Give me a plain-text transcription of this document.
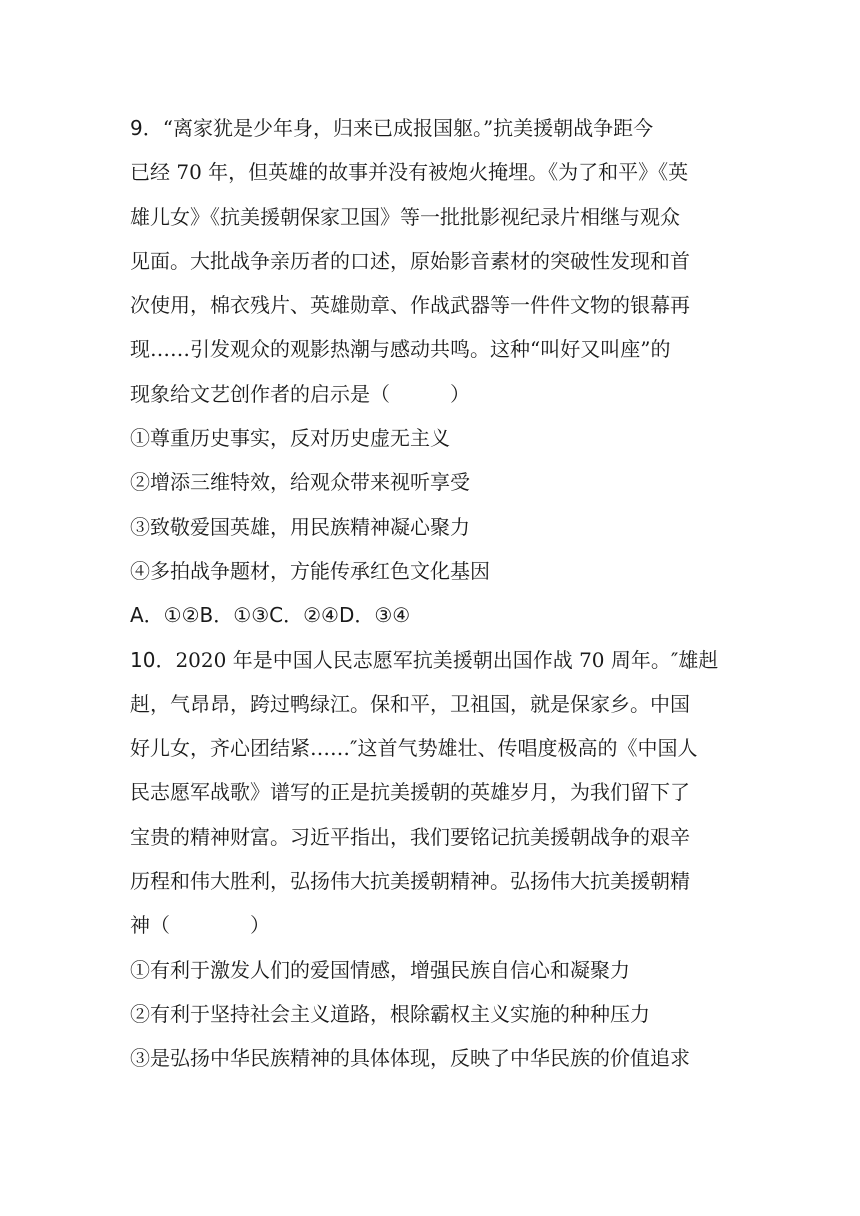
9．“离家犹是少年身，归来已成报国躯。”抗美援朝战争距今
已经 70 年，但英雄的故事并没有被炮火掩埋。《为了和平》《英
雄儿女》《抗美援朝保家卫国》等一批批影视纪录片相继与观众
见面。大批战争亲历者的口述，原始影音素材的突破性发现和首
次使用，棉衣残片、英雄勋章、作战武器等一件件文物的银幕再
现……引发观众的观影热潮与感动共鸣。这种“叫好又叫座”的
现象给文艺创作者的启示是（　　　）
①尊重历史事实，反对历史虚无主义
②增添三维特效，给观众带来视听享受
③致敬爱国英雄，用民族精神凝心聚力
④多拍战争题材，方能传承红色文化基因
A．①②B．①③C．②④D．③④
10．2020 年是中国人民志愿军抗美援朝出国作战 70 周年。″雄赳
赳，气昂昂，跨过鸭绿江。保和平，卫祖国，就是保家乡。中国
好儿女，齐心团结紧……″这首气势雄壮、传唱度极高的《中国人
民志愿军战歌》谱写的正是抗美援朝的英雄岁月，为我们留下了
宝贵的精神财富。习近平指出，我们要铭记抗美援朝战争的艰辛
历程和伟大胜利，弘扬伟大抗美援朝精神。弘扬伟大抗美援朝精
神（　　　　）
①有利于激发人们的爱国情感，增强民族自信心和凝聚力
②有利于坚持社会主义道路，根除霸权主义实施的种种压力
③是弘扬中华民族精神的具体体现，反映了中华民族的价值追求
